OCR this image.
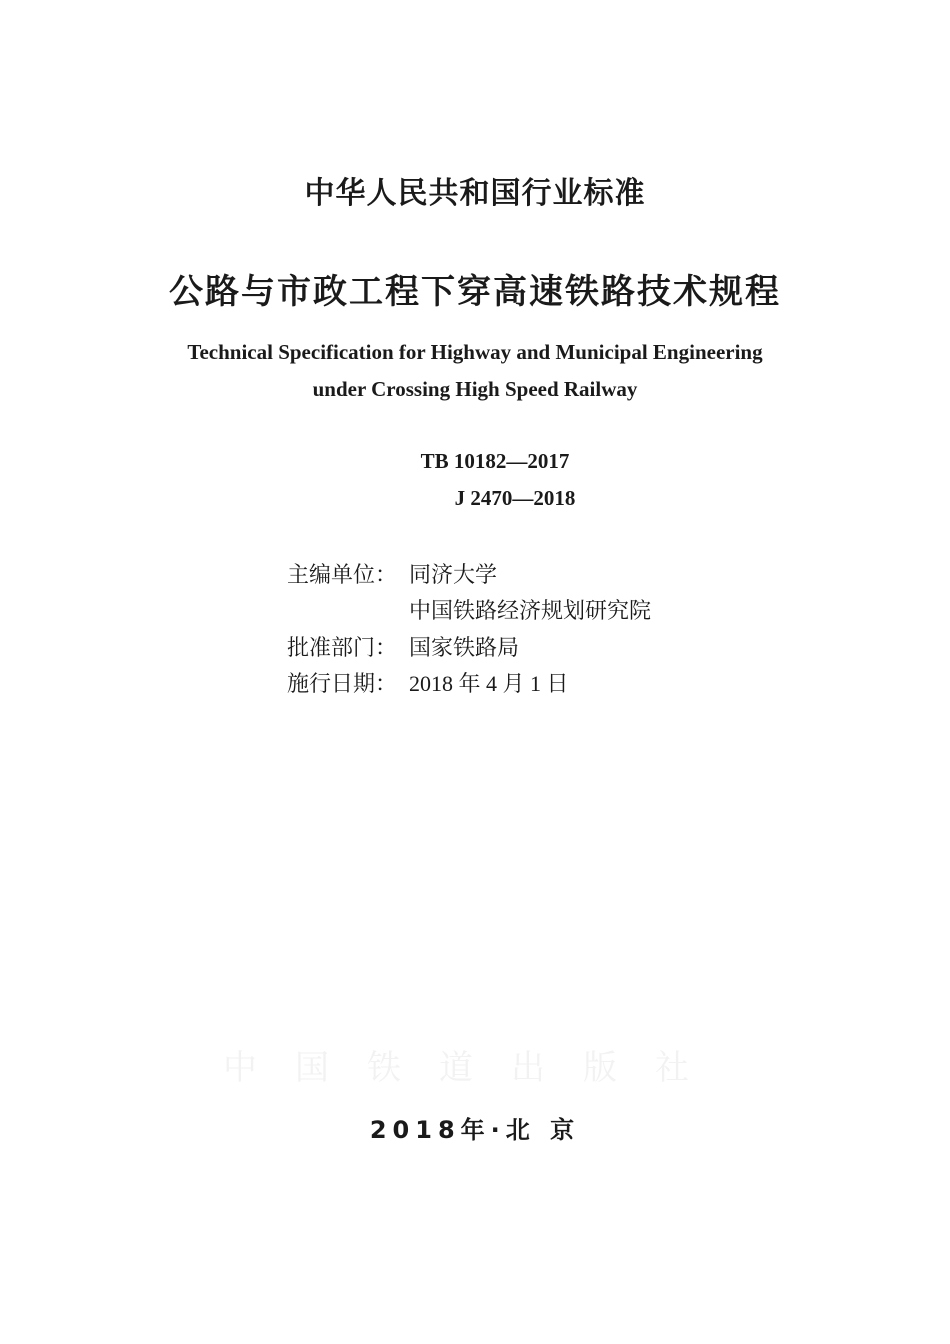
中华人民共和国行业标准
公路与市政工程下穿高速铁路技术规程
Technical Specification for Highway and Municipal Engineering
under Crossing High Speed Railway
TB 10182—2017
J 2470—2018
主编单位： 同济大学
中国铁路经济规划研究院
批准部门： 国家铁路局
施行日期： 2018 年 4 月 1 日
中国铁道出版社
2018年·北 京
